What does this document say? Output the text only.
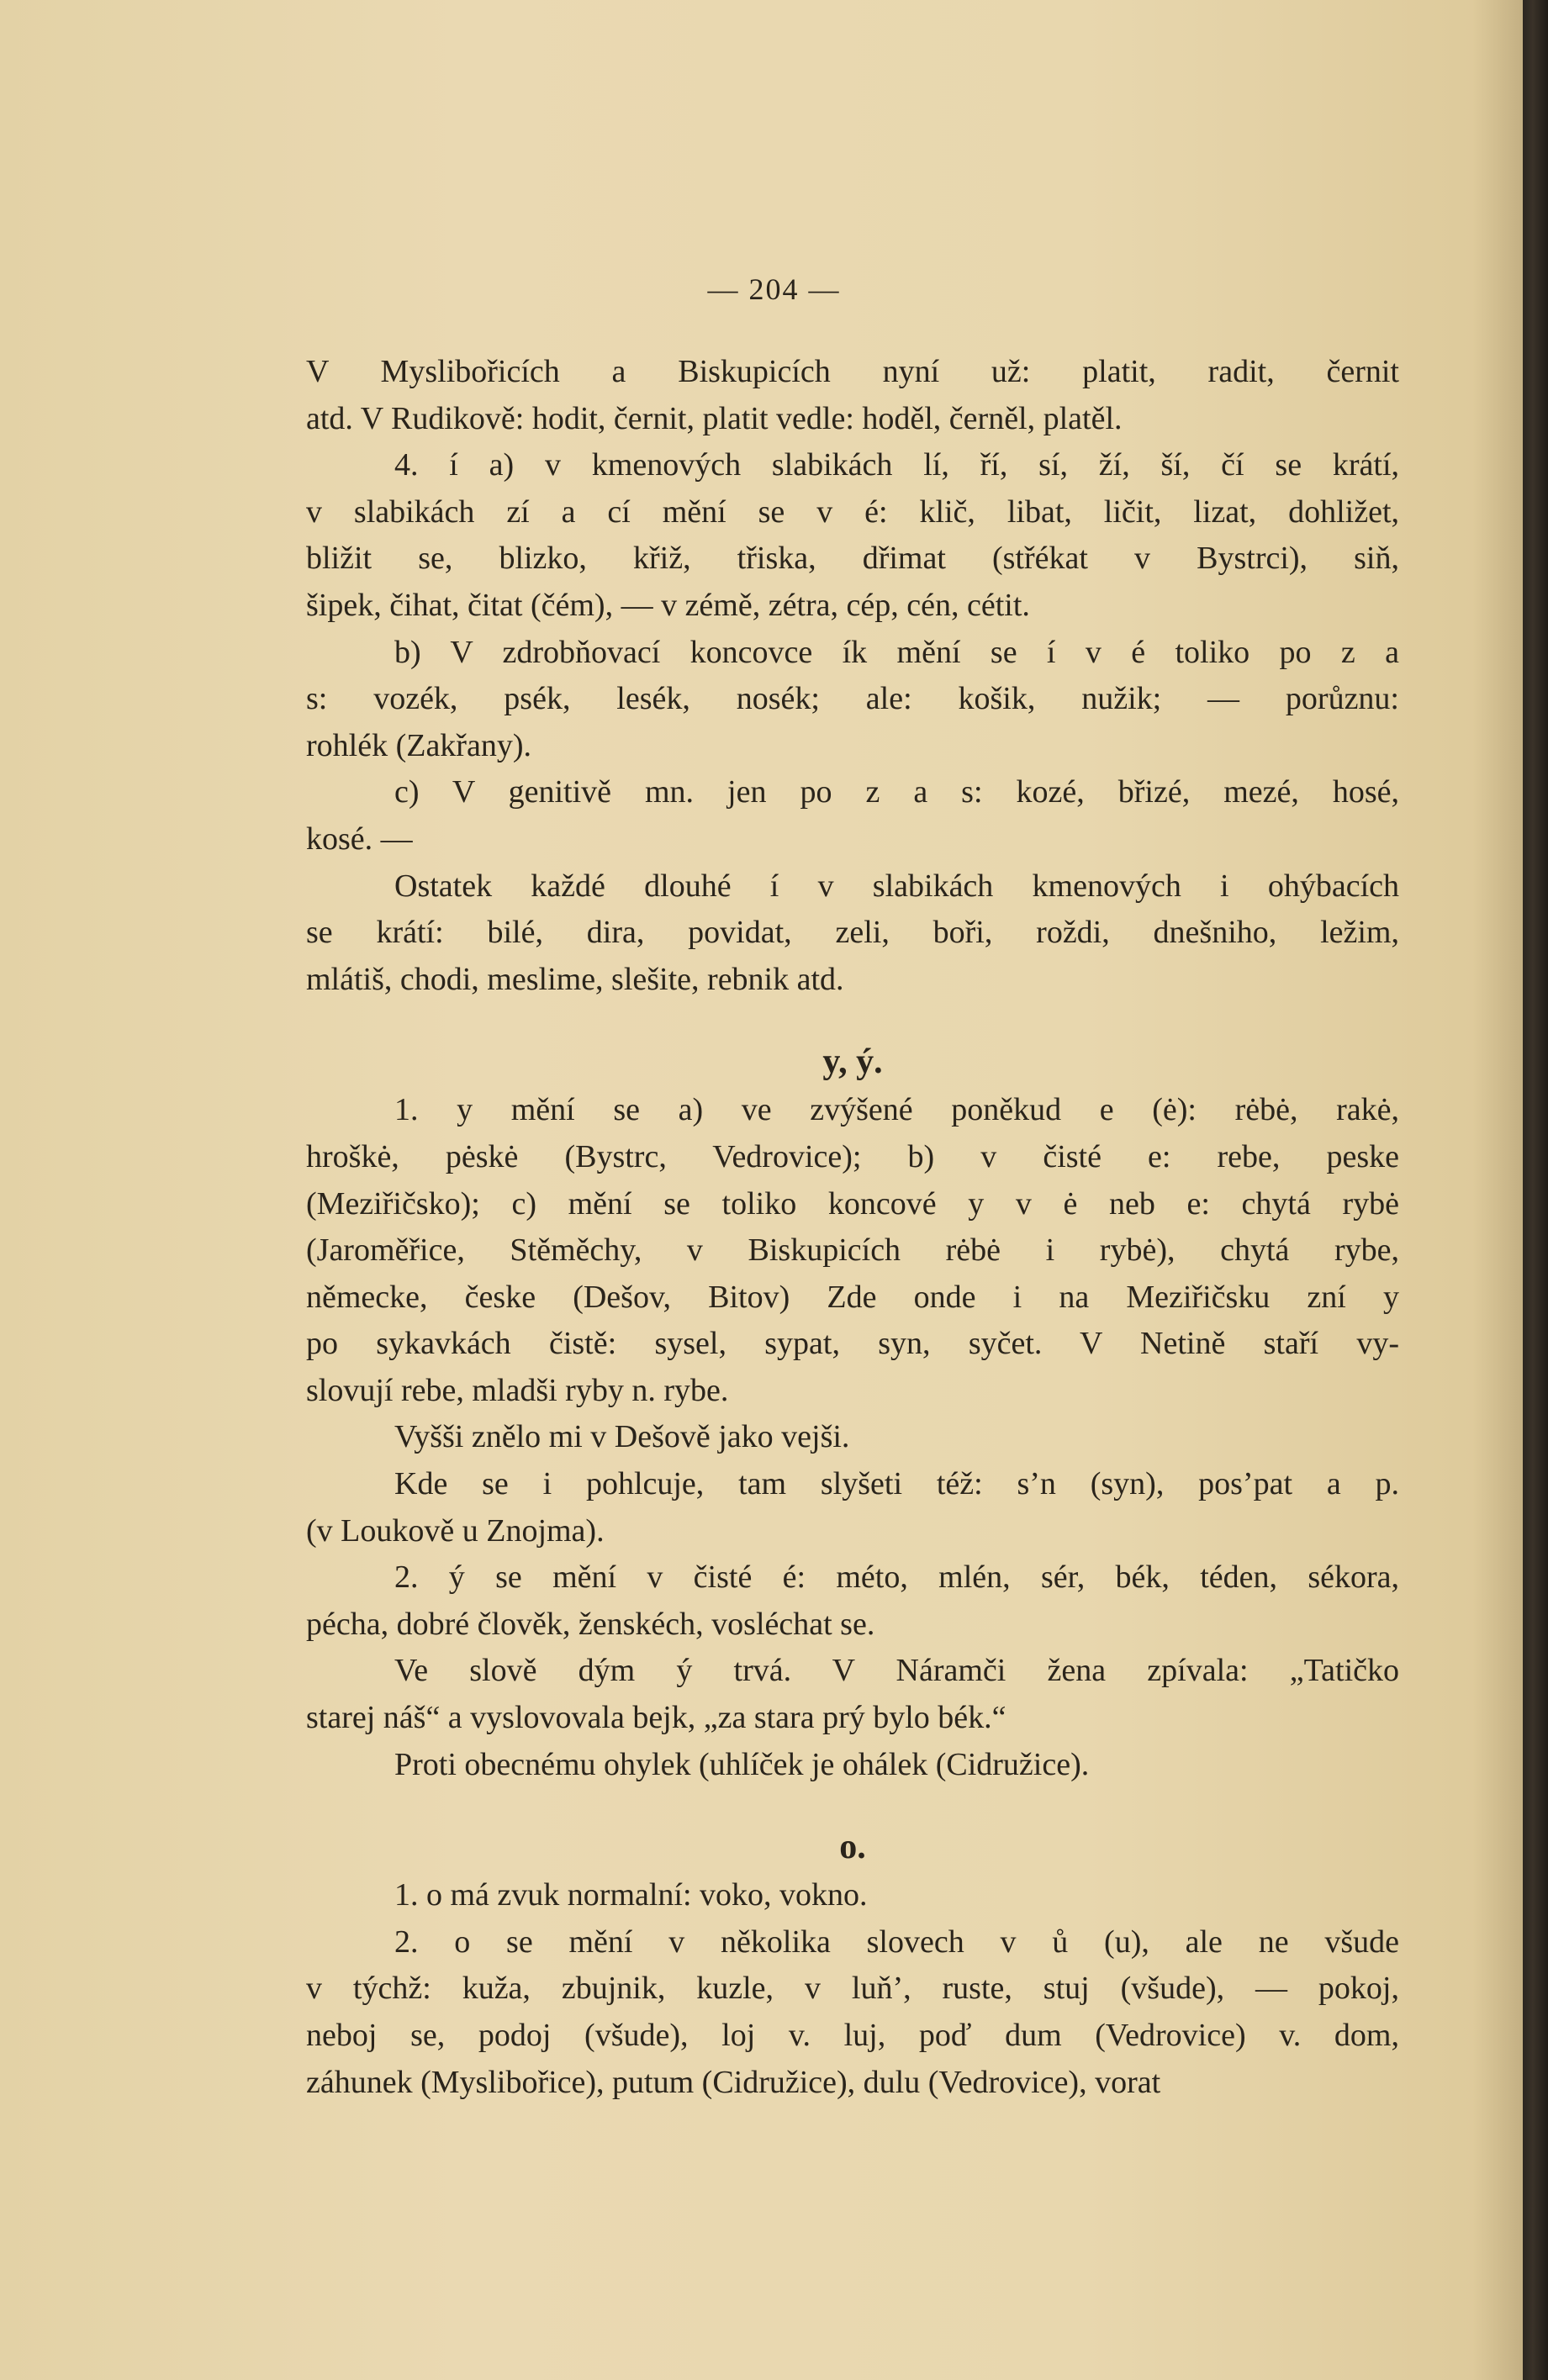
— 204 —
V Myslibořicích a Biskupicích nyní už: platit, radit, černit
atd. V Rudikově: hodit, černit, platit vedle: hoděl, černěl, platěl.
4. í a) v kmenových slabikách lí, ří, sí, ží, ší, čí se krátí,
v slabikách zí a cí mění se v é: klič, libat, ličit, lizat, dohližet,
bližit se, blizko, křiž, třiska, dřimat (střékat v Bystrci), siň,
šipek, čihat, čitat (čém), — v zémě, zétra, cép, cén, cétit.
b) V zdrobňovací koncovce ík mění se í v é toliko po z a
s: vozék, psék, lesék, nosék; ale: košik, nužik; — porůznu:
rohlék (Zakřany).
c) V genitivě mn. jen po z a s: kozé, břizé, mezé, hosé,
kosé. —
Ostatek každé dlouhé í v slabikách kmenových i ohýbacích
se krátí: bilé, dira, povidat, zeli, boři, roždi, dnešniho, ležim,
mlátiš, chodi, meslime, slešite, rebnik atd.
y, ý.
1. y mění se a) ve zvýšené poněkud e (ė): rėbė, rakė,
hroškė, pėskė (Bystrc, Vedrovice); b) v čisté e: rebe, peske
(Meziřičsko); c) mění se toliko koncové y v ė neb e: chytá rybė
(Jaroměřice, Stěměchy, v Biskupicích rėbė i rybė), chytá rybe,
německe, česke (Dešov, Bitov) Zde onde i na Meziřičsku zní y
po sykavkách čistě: sysel, sypat, syn, syčet. V Netině staří vy-
slovují rebe, mladši ryby n. rybe.
Vyšši znělo mi v Dešově jako vejši.
Kde se i pohlcuje, tam slyšeti též: s’n (syn), pos’pat a p.
(v Loukově u Znojma).
2. ý se mění v čisté é: méto, mlén, sér, bék, téden, sékora,
pécha, dobré člověk, ženskéch, vosléchat se.
Ve slově dým ý trvá. V Náramči žena zpívala: „Tatičko
starej náš“ a vyslovovala bejk, „za stara prý bylo bék.“
Proti obecnému ohylek (uhlíček je ohálek (Cidružice).
o.
1. o má zvuk normalní: voko, vokno.
2. o se mění v několika slovech v ů (u), ale ne všude
v týchž: kuža, zbujnik, kuzle, v luň’, ruste, stuj (všude), — pokoj,
neboj se, podoj (všude), loj v. luj, poď dum (Vedrovice) v. dom,
záhunek (Myslibořice), putum (Cidružice), dulu (Vedrovice), vorat
